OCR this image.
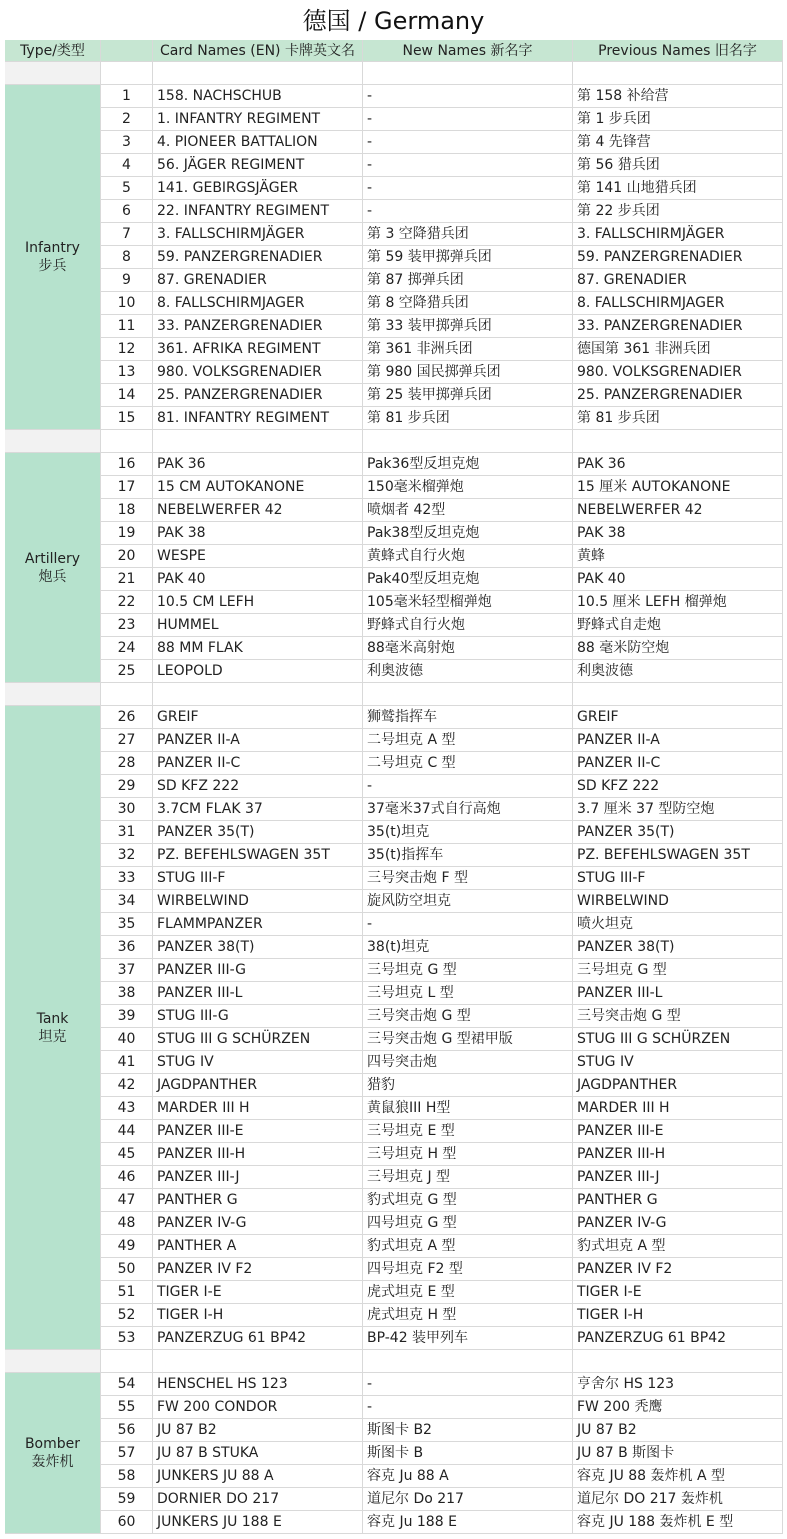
德国 / Germany
Type/类型	Card Names (EN) 卡牌英文名	New Names 新名字	Previous Names 旧名字
Infantry
步兵
1	158. NACHSCHUB	-	第 158 补给营
2	1. INFANTRY REGIMENT	-	第 1 步兵团
3	4. PIONEER BATTALION	-	第 4 先锋营
4	56. JÄGER REGIMENT	-	第 56 猎兵团
5	141. GEBIRGSJÄGER	-	第 141 山地猎兵团
6	22. INFANTRY REGIMENT	-	第 22 步兵团
7	3. FALLSCHIRMJÄGER	第 3 空降猎兵团	3. FALLSCHIRMJÄGER
8	59. PANZERGRENADIER	第 59 装甲掷弹兵团	59. PANZERGRENADIER
9	87. GRENADIER	第 87 掷弹兵团	87. GRENADIER
10	8. FALLSCHIRMJAGER	第 8 空降猎兵团	8. FALLSCHIRMJAGER
11	33. PANZERGRENADIER	第 33 装甲掷弹兵团	33. PANZERGRENADIER
12	361. AFRIKA REGIMENT	第 361 非洲兵团	德国第 361 非洲兵团
13	980. VOLKSGRENADIER	第 980 国民掷弹兵团	980. VOLKSGRENADIER
14	25. PANZERGRENADIER	第 25 装甲掷弹兵团	25. PANZERGRENADIER
15	81. INFANTRY REGIMENT	第 81 步兵团	第 81 步兵团
Artillery
炮兵
16	PAK 36	Pak36型反坦克炮	PAK 36
17	15 CM AUTOKANONE	150毫米榴弹炮	15 厘米 AUTOKANONE
18	NEBELWERFER 42	喷烟者 42型	NEBELWERFER 42
19	PAK 38	Pak38型反坦克炮	PAK 38
20	WESPE	黄蜂式自行火炮	黄蜂
21	PAK 40	Pak40型反坦克炮	PAK 40
22	10.5 CM LEFH	105毫米轻型榴弹炮	10.5 厘米 LEFH 榴弹炮
23	HUMMEL	野蜂式自行火炮	野蜂式自走炮
24	88 MM FLAK	88毫米高射炮	88 毫米防空炮
25	LEOPOLD	利奥波德	利奥波德
Tank
坦克
26	GREIF	狮鹫指挥车	GREIF
27	PANZER II-A	二号坦克 A 型	PANZER II-A
28	PANZER II-C	二号坦克 C 型	PANZER II-C
29	SD KFZ 222	-	SD KFZ 222
30	3.7CM FLAK 37	37毫米37式自行高炮	3.7 厘米 37 型防空炮
31	PANZER 35(T)	35(t)坦克	PANZER 35(T)
32	PZ. BEFEHLSWAGEN 35T	35(t)指挥车	PZ. BEFEHLSWAGEN 35T
33	STUG III-F	三号突击炮 F 型	STUG III-F
34	WIRBELWIND	旋风防空坦克	WIRBELWIND
35	FLAMMPANZER	-	喷火坦克
36	PANZER 38(T)	38(t)坦克	PANZER 38(T)
37	PANZER III-G	三号坦克 G 型	三号坦克 G 型
38	PANZER III-L	三号坦克 L 型	PANZER III-L
39	STUG III-G	三号突击炮 G 型	三号突击炮 G 型
40	STUG III G SCHÜRZEN	三号突击炮 G 型裙甲版	STUG III G SCHÜRZEN
41	STUG IV	四号突击炮	STUG IV
42	JAGDPANTHER	猎豹	JAGDPANTHER
43	MARDER III H	黄鼠狼III H型	MARDER III H
44	PANZER III-E	三号坦克 E 型	PANZER III-E
45	PANZER III-H	三号坦克 H 型	PANZER III-H
46	PANZER III-J	三号坦克 J 型	PANZER III-J
47	PANTHER G	豹式坦克 G 型	PANTHER G
48	PANZER IV-G	四号坦克 G 型	PANZER IV-G
49	PANTHER A	豹式坦克 A 型	豹式坦克 A 型
50	PANZER IV F2	四号坦克 F2 型	PANZER IV F2
51	TIGER I-E	虎式坦克 E 型	TIGER I-E
52	TIGER I-H	虎式坦克 H 型	TIGER I-H
53	PANZERZUG 61 BP42	BP-42 装甲列车	PANZERZUG 61 BP42
Bomber
轰炸机
54	HENSCHEL HS 123	-	亨舍尔 HS 123
55	FW 200 CONDOR	-	FW 200 秃鹰
56	JU 87 B2	斯图卡 B2	JU 87 B2
57	JU 87 B STUKA	斯图卡 B	JU 87 B 斯图卡
58	JUNKERS JU 88 A	容克 Ju 88 A	容克 JU 88 轰炸机 A 型
59	DORNIER DO 217	道尼尔 Do 217	道尼尔 DO 217 轰炸机
60	JUNKERS JU 188 E	容克 Ju 188 E	容克 JU 188 轰炸机 E 型
